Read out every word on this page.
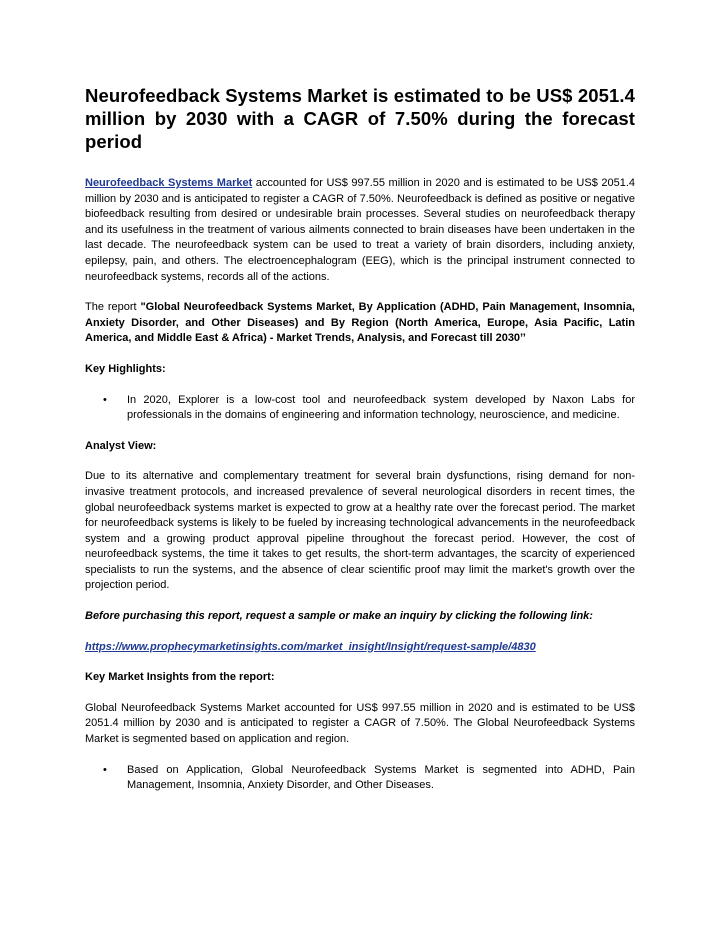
Neurofeedback Systems Market is estimated to be US$ 2051.4 million by 2030 with a CAGR of 7.50% during the forecast period

Neurofeedback Systems Market accounted for US$ 997.55 million in 2020 and is estimated to be US$ 2051.4 million by 2030 and is anticipated to register a CAGR of 7.50%. Neurofeedback is defined as positive or negative biofeedback resulting from desired or undesirable brain processes. Several studies on neurofeedback therapy and its usefulness in the treatment of various ailments connected to brain diseases have been undertaken in the last decade. The neurofeedback system can be used to treat a variety of brain disorders, including anxiety, epilepsy, pain, and others. The electroencephalogram (EEG), which is the principal instrument connected to neurofeedback systems, records all of the actions.

The report "Global Neurofeedback Systems Market, By Application (ADHD, Pain Management, Insomnia, Anxiety Disorder, and Other Diseases) and By Region (North America, Europe, Asia Pacific, Latin America, and Middle East & Africa) - Market Trends, Analysis, and Forecast till 2030’’

Key Highlights:

•	In 2020, Explorer is a low-cost tool and neurofeedback system developed by Naxon Labs for professionals in the domains of engineering and information technology, neuroscience, and medicine.

Analyst View:

Due to its alternative and complementary treatment for several brain dysfunctions, rising demand for non-invasive treatment protocols, and increased prevalence of several neurological disorders in recent times, the global neurofeedback systems market is expected to grow at a healthy rate over the forecast period. The market for neurofeedback systems is likely to be fueled by increasing technological advancements in the neurofeedback system and a growing product approval pipeline throughout the forecast period. However, the cost of neurofeedback systems, the time it takes to get results, the short-term advantages, the scarcity of experienced specialists to run the systems, and the absence of clear scientific proof may limit the market's growth over the projection period.

Before purchasing this report, request a sample or make an inquiry by clicking the following link:

https://www.prophecymarketinsights.com/market_insight/Insight/request-sample/4830

Key Market Insights from the report:

Global Neurofeedback Systems Market accounted for US$ 997.55 million in 2020 and is estimated to be US$ 2051.4 million by 2030 and is anticipated to register a CAGR of 7.50%. The Global Neurofeedback Systems Market is segmented based on application and region.

•	Based on Application, Global Neurofeedback Systems Market is segmented into ADHD, Pain Management, Insomnia, Anxiety Disorder, and Other Diseases.
